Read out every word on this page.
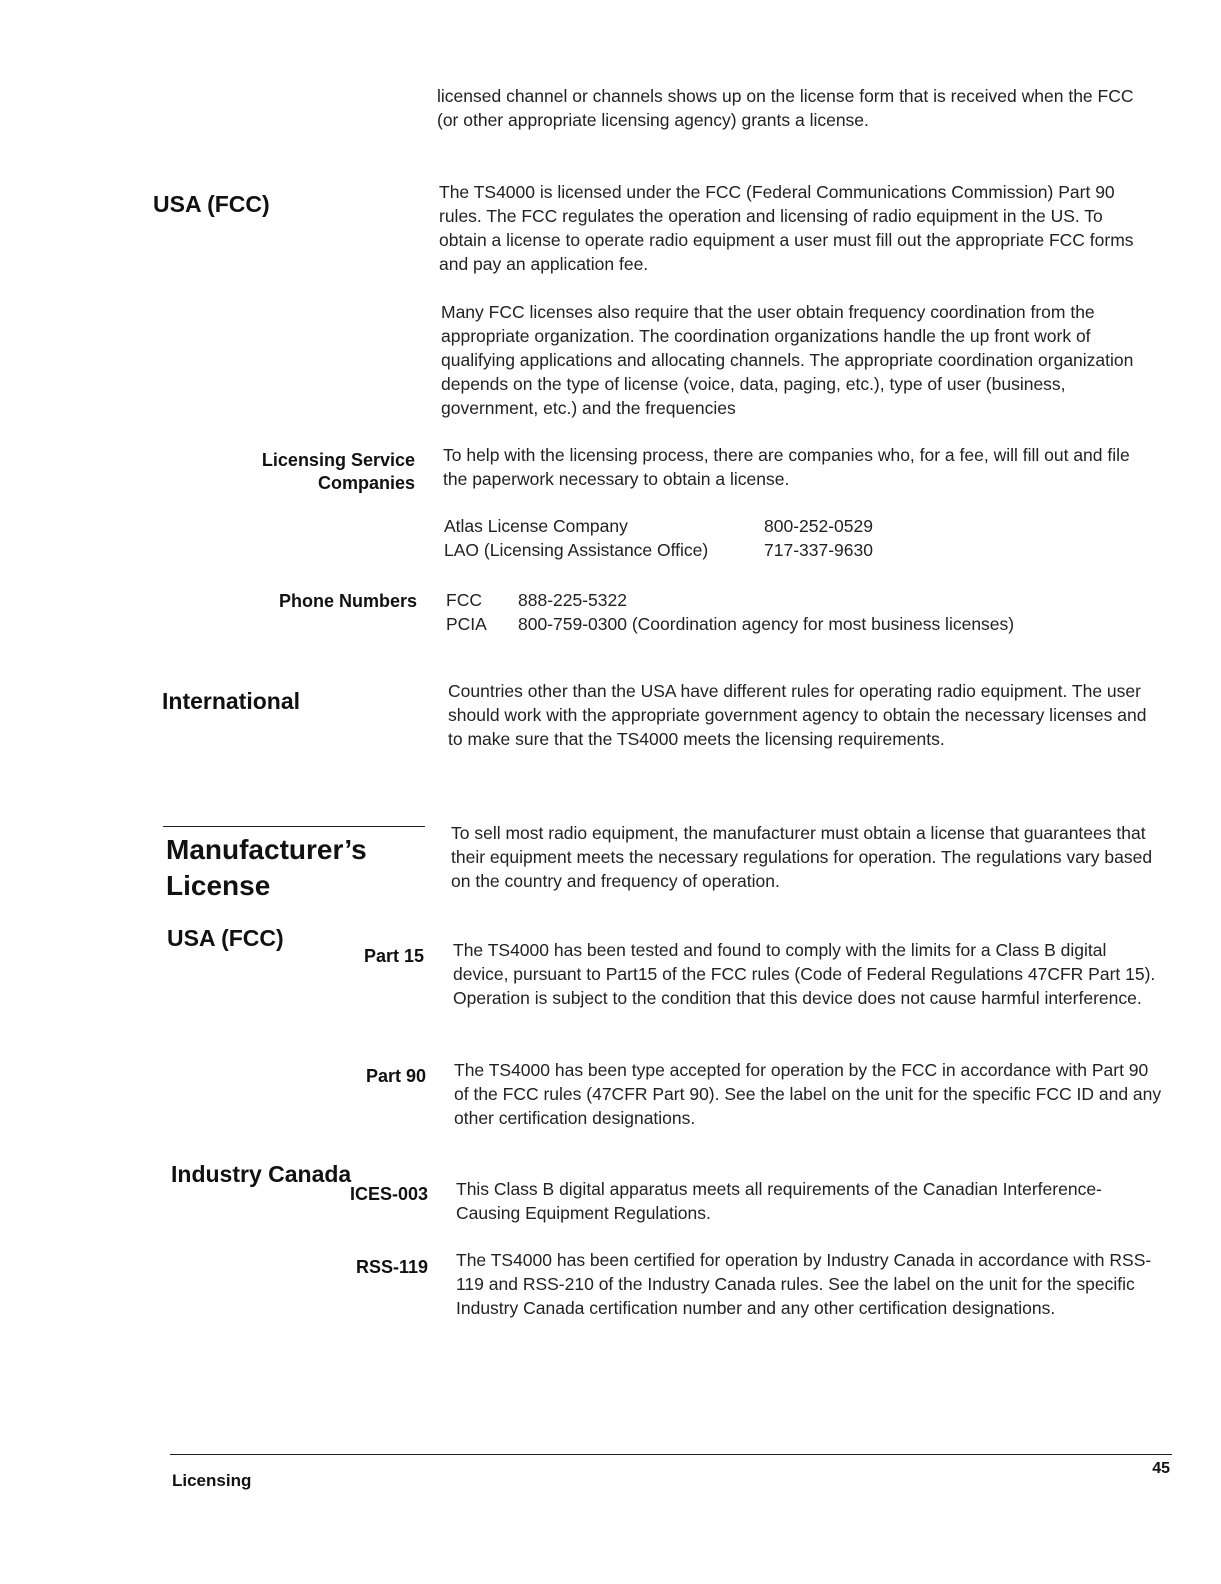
licensed channel or channels shows up on the license form that is received when the FCC (or other appropriate licensing agency) grants a license.

USA (FCC)	The TS4000 is licensed under the FCC (Federal Communications Commission) Part 90 rules. The FCC regulates the operation and licensing of radio equipment in the US. To obtain a license to operate radio equipment a user must fill out the appropriate FCC forms and pay an application fee.

Many FCC licenses also require that the user obtain frequency coordination from the appropriate organization. The coordination organizations handle the up front work of qualifying applications and allocating channels. The appropriate coordination organization depends on the type of license (voice, data, paging, etc.), type of user (business, government, etc.) and the frequencies

Licensing Service
Companies

To help with the licensing process, there are companies who, for a fee, will fill out and file the paperwork necessary to obtain a license.

Atlas License Company	800-252-0529
LAO (Licensing Assistance Office)	717-337-9630
Phone Numbers FCC	888-225-5322
PCIA	800-759-0300 (Coordination agency for most business licenses)
International	Countries other than the USA have different rules for operating radio equipment. The user should work with the appropriate government agency to obtain the necessary licenses and to make sure that the TS4000 meets the licensing requirements.

Manufacturer’s
License

To sell most radio equipment, the manufacturer must obtain a license that guarantees that their equipment meets the necessary regulations for operation. The regulations vary based on the country and frequency of operation.

USA (FCC)
Part 15 The TS4000 has been tested and found to comply with the limits for a Class B digital device, pursuant to Part15 of the FCC rules (Code of Federal Regulations 47CFR Part 15). Operation is subject to the condition that this device does not cause harmful interference.

Part 90 The TS4000 has been type accepted for operation by the FCC in accordance with Part 90 of the FCC rules (47CFR Part 90). See the label on the unit for the specific FCC ID and any other certification designations.

Industry Canada
ICES-003 This Class B digital apparatus meets all requirements of the Canadian Interference-Causing Equipment Regulations.

RSS-119 The TS4000 has been certified for operation by Industry Canada in accordance with RSS-119 and RSS-210 of the Industry Canada rules. See the label on the unit for the specific Industry Canada certification number and any other certification designations.

Licensing
45
